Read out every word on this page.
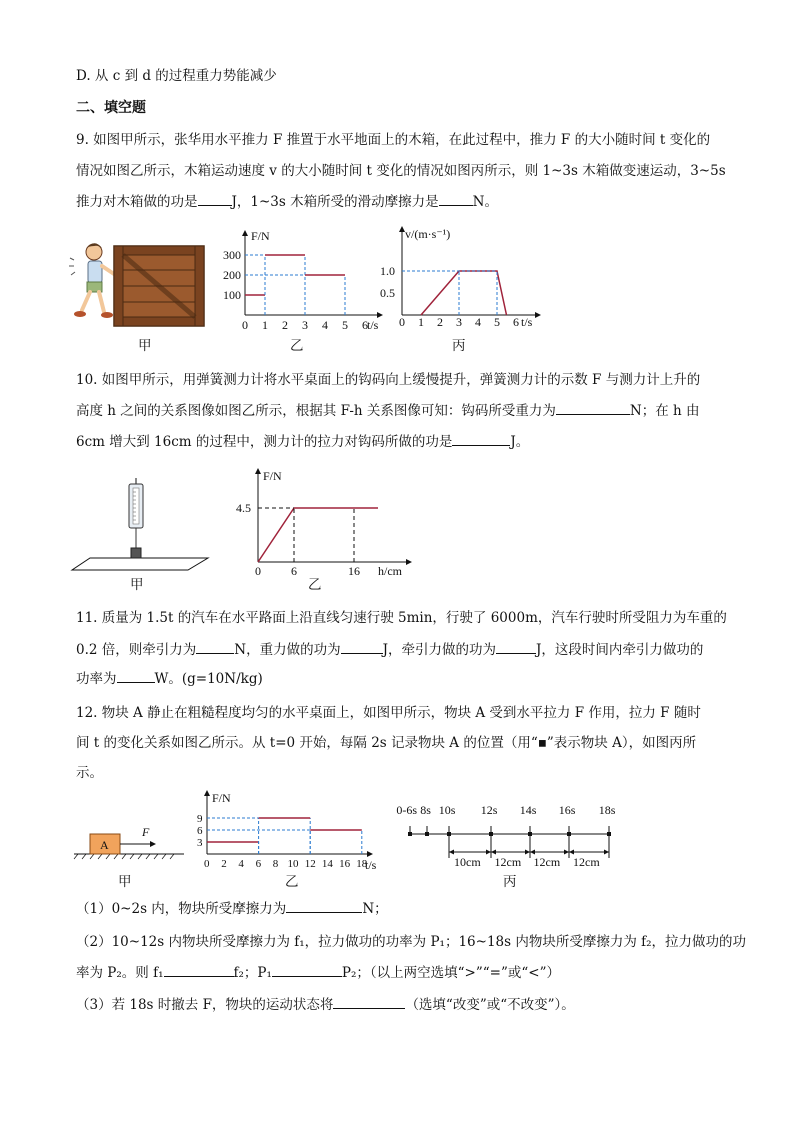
D. 从 c 到 d 的过程重力势能减少
二、填空题
9. 如图甲所示，张华用水平推力 F 推置于水平地面上的木箱，在此过程中，推力 F 的大小随时间 t 变化的
情况如图乙所示，木箱运动速度 v 的大小随时间 t 变化的情况如图丙所示，则 1~3s 木箱做变速运动，3~5s
推力对木箱做的功是	J，1~3s 木箱所受的滑动摩擦力是	N。
F/N
t/s
0 1 2 3 4 5 6
100
200
300
v/(m·s⁻¹)
t/s
0 1 2 3 4 5 6
0.5
1.0
甲	乙	丙
10. 如图甲所示，用弹簧测力计将水平桌面上的钩码向上缓慢提升，弹簧测力计的示数 F 与测力计上升的
高度 h 之间的关系图像如图乙所示，根据其 F-h 关系图像可知：钩码所受重力为	N；在 h 由
6cm 增大到 16cm 的过程中，测力计的拉力对钩码所做的功是	J。
F/N
h/cm
0	6	16
4.5
甲	乙
11. 质量为 1.5t 的汽车在水平路面上沿直线匀速行驶 5min，行驶了 6000m，汽车行驶时所受阻力为车重的
0.2 倍，则牵引力为	N，重力做的功为	J，牵引力做的功为	J，这段时间内牵引力做功的
功率为	W。(g=10N/kg)
12. 物块 A 静止在粗糙程度均匀的水平桌面上，如图甲所示，物块 A 受到水平拉力 F 作用，拉力 F 随时
间 t 的变化关系如图乙所示。从 t=0 开始，每隔 2s 记录物块 A 的位置（用“▪”表示物块 A），如图丙所
示。
A
F
F/N
t/s
0 2 4 6 8 10 12 14 16 18
3
6
9
0-6s 8s 10s 12s 14s 16s 18s
10cm 12cm 12cm 12cm
甲	乙	丙
（1）0~2s 内，物块所受摩擦力为	N；
（2）10~12s 内物块所受摩擦力为 f₁，拉力做功的功率为 P₁；16~18s 内物块所受摩擦力为 f₂，拉力做功的功
率为 P₂。则 f₁	f₂；P₁	P₂；（以上两空选填“>”“=”或“<”）
（3）若 18s 时撤去 F，物块的运动状态将	（选填“改变”或“不改变”）。
